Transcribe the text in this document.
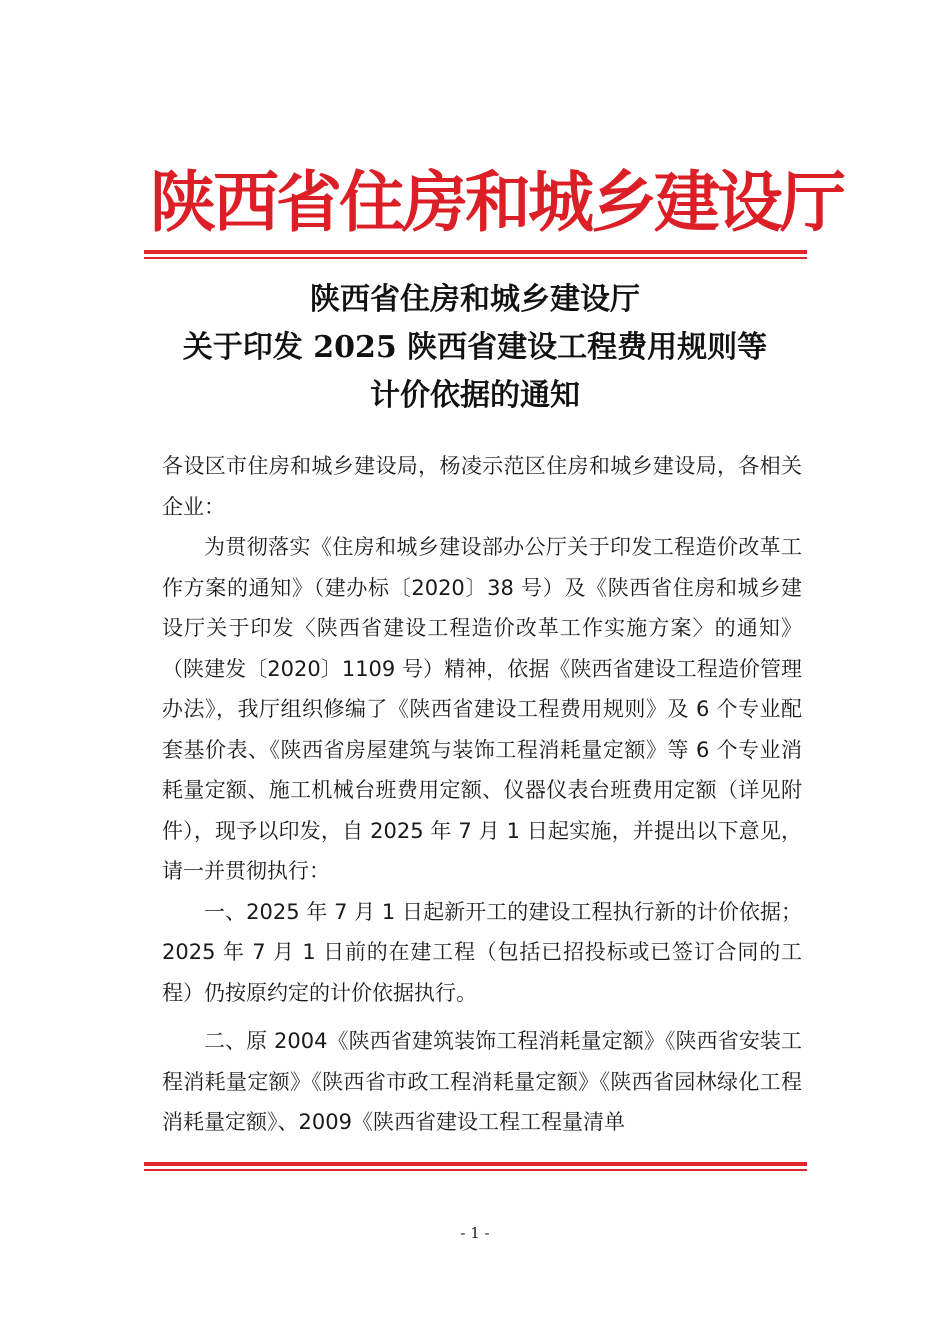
陕西省住房和城乡建设厅
陕西省住房和城乡建设厅
关于印发 2025 陕西省建设工程费用规则等
计价依据的通知

各设区市住房和城乡建设局，杨凌示范区住房和城乡建设局，各相关企业：

为贯彻落实《住房和城乡建设部办公厅关于印发工程造价改革工作方案的通知》（建办标〔2020〕38 号）及《陕西省住房和城乡建设厅关于印发〈陕西省建设工程造价改革工作实施方案〉的通知》（陕建发〔2020〕1109 号）精神，依据《陕西省建设工程造价管理办法》，我厅组织修编了《陕西省建设工程费用规则》及 6 个专业配套基价表、《陕西省房屋建筑与装饰工程消耗量定额》等 6 个专业消耗量定额、施工机械台班费用定额、仪器仪表台班费用定额（详见附件），现予以印发，自 2025 年 7 月 1 日起实施，并提出以下意见，请一并贯彻执行：

一、2025 年 7 月 1 日起新开工的建设工程执行新的计价依据；2025 年 7 月 1 日前的在建工程（包括已招投标或已签订合同的工程）仍按原约定的计价依据执行。

二、原 2004《陕西省建筑装饰工程消耗量定额》《陕西省安装工程消耗量定额》《陕西省市政工程消耗量定额》《陕西省园林绿化工程消耗量定额》、2009《陕西省建设工程工程量清单

- 1 -
